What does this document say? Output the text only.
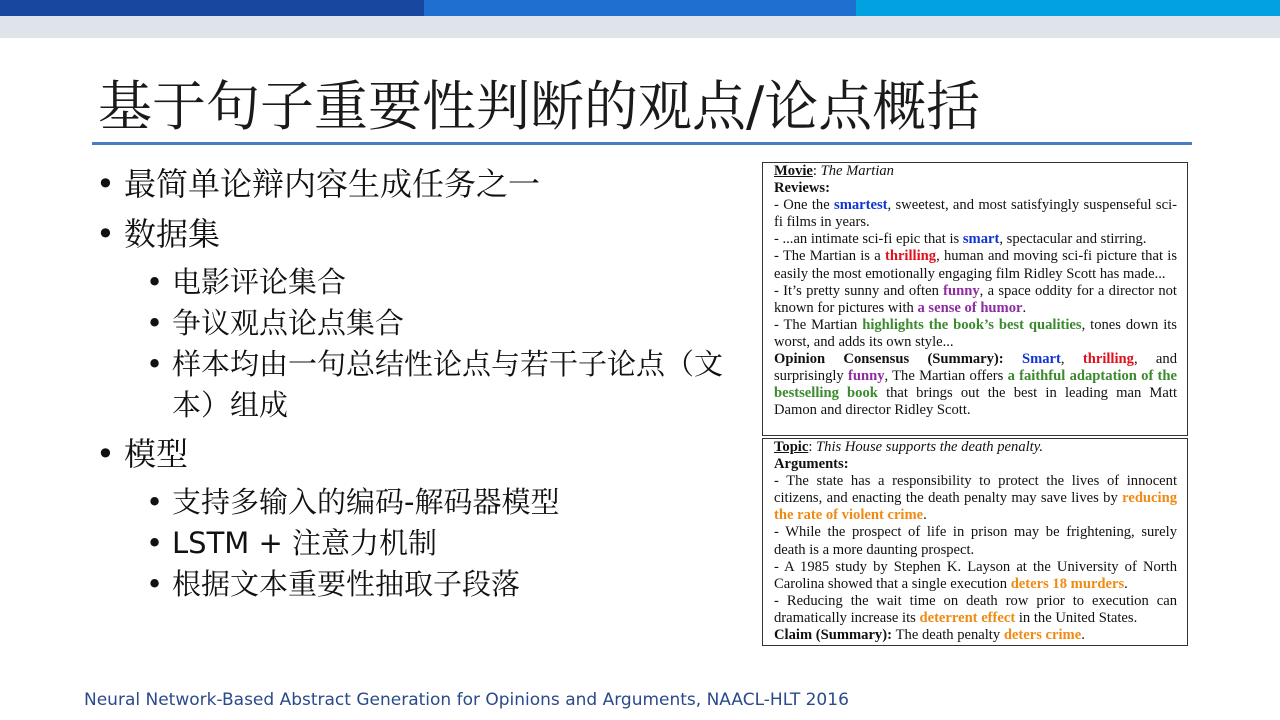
基于句子重要性判断的观点/论点概括
• 最简单论辩内容生成任务之一
• 数据集
• 电影评论集合
• 争议观点论点集合
• 样本均由一句总结性论点与若干子论点（文本）组成
• 模型
• 支持多输入的编码-解码器模型
• LSTM + 注意力机制
• 根据文本重要性抽取子段落

Movie: The Martian

Reviews:

- One the smartest, sweetest, and most satisfyingly suspenseful sci-fi films in years.

- ...an intimate sci-fi epic that is smart, spectacular and stirring.

- The Martian is a thrilling, human and moving sci-fi picture that is easily the most emotionally engaging film Ridley Scott has made...

- It’s pretty sunny and often funny, a space oddity for a director not known for pictures with a sense of humor.

- The Martian highlights the book’s best qualities, tones down its worst, and adds its own style...

Opinion Consensus (Summary): Smart, thrilling, and surprisingly funny, The Martian offers a faithful adaptation of the bestselling book that brings out the best in leading man Matt Damon and director Ridley Scott.

Topic: This House supports the death penalty.

Arguments:

- The state has a responsibility to protect the lives of innocent citizens, and enacting the death penalty may save lives by reducing the rate of violent crime.

- While the prospect of life in prison may be frightening, surely death is a more daunting prospect.

- A 1985 study by Stephen K. Layson at the University of North Carolina showed that a single execution deters 18 murders.

- Reducing the wait time on death row prior to execution can dramatically increase its deterrent effect in the United States.

Claim (Summary): The death penalty deters crime.

Neural Network-Based Abstract Generation for Opinions and Arguments, NAACL-HLT 2016
